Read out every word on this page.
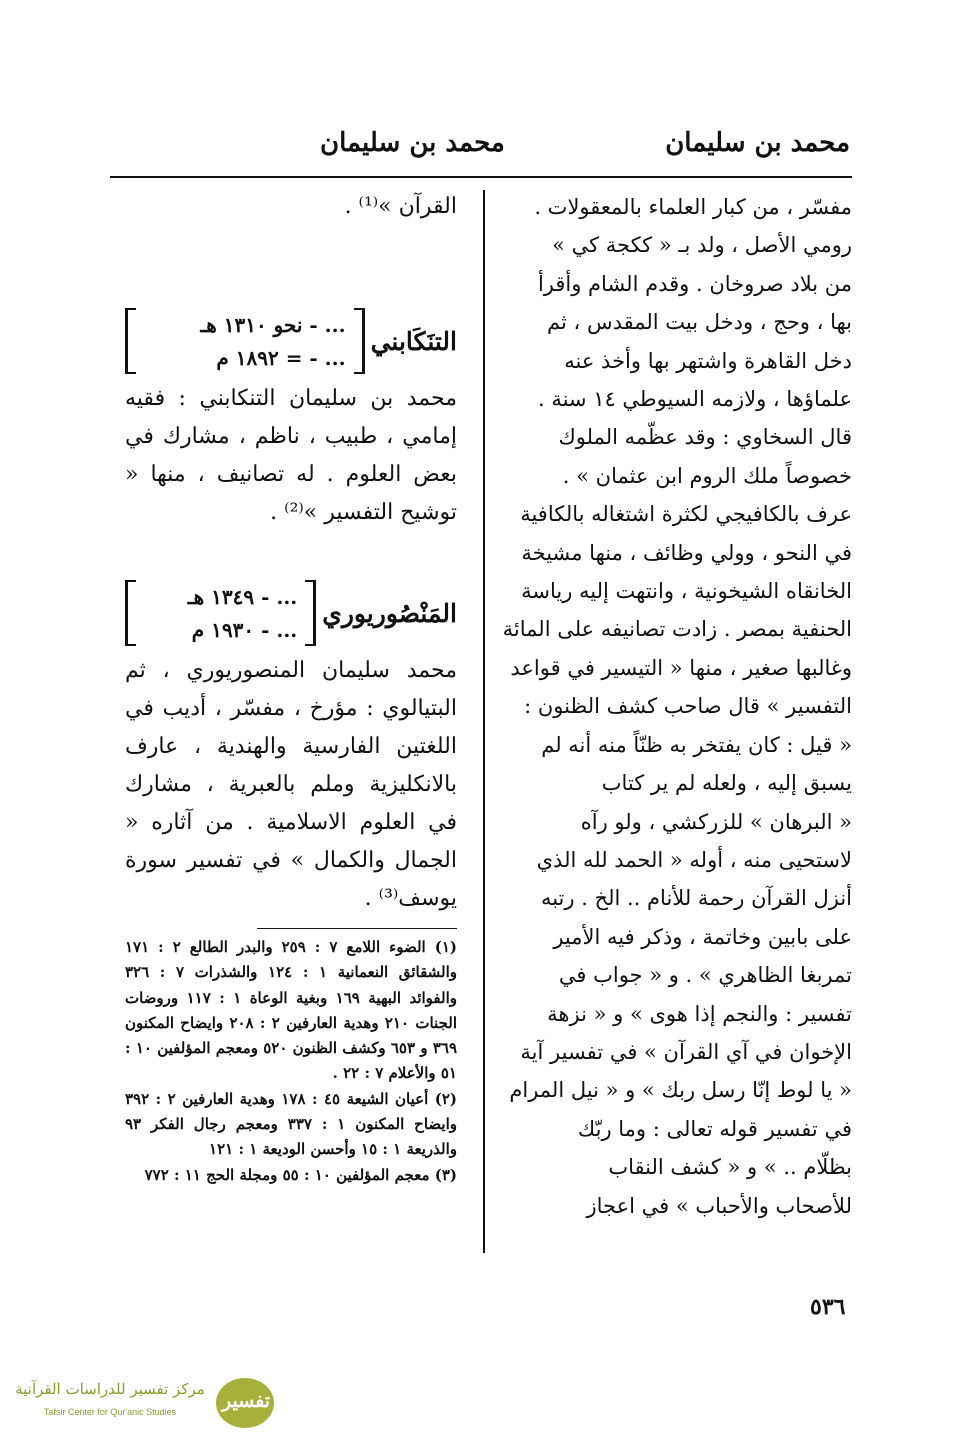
محمد بن سليمان
محمد بن سليمان

مفسّر ، من كبار العلماء بالمعقولات .

رومي الأصل ، ولد بـ « ككجة كي »

من بلاد صروخان . وقدم الشام وأقرأ

بها ، وحج ، ودخل بيت المقدس ، ثم

دخل القاهرة واشتهر بها وأخذ عنه

علماؤها ، ولازمه السيوطي ١٤ سنة .

قال السخاوي : وقد عظّمه الملوك

خصوصاً ملك الروم ابن عثمان » .

عرف بالكافيجي لكثرة اشتغاله بالكافية

في النحو ، وولي وظائف ، منها مشيخة

الخانقاه الشيخونية ، وانتهت إليه رياسة

الحنفية بمصر . زادت تصانيفه على المائة

وغالبها صغير ، منها « التيسير في قواعد

التفسير » قال صاحب كشف الظنون :

« قيل : كان يفتخر به ظنّاً منه أنه لم

يسبق إليه ، ولعله لم ير كتاب

« البرهان » للزركشي ، ولو رآه

لاستحيى منه ، أوله « الحمد لله الذي

أنزل القرآن رحمة للأنام .. الخ . رتبه

على بابين وخاتمة ، وذكر فيه الأمير

تمربغا الظاهري » . و « جواب في

تفسير : والنجم إذا هوى » و « نزهة

الإخوان في آي القرآن » في تفسير آية

« يا لوط إنّا رسل ربك » و « نيل المرام

في تفسير قوله تعالى : وما ربّك

بظلّام .. » و « كشف النقاب

للأصحاب والأحباب » في اعجاز

القرآن »⁽¹⁾ .

التنَكَابني
... - نحو ١٣١٠ هـ
... - = ١٨٩٢ م

محمد بن سليمان التنكابني : فقيه إمامي ، طبيب ، ناظم ، مشارك في بعض العلوم . له تصانيف ، منها « توشيح التفسير »⁽²⁾ .

المَنْصُوريوري
... - ١٣٤٩ هـ
... - ١٩٣٠ م

محمد سليمان المنصوريوري ، ثم البتيالوي : مؤرخ ، مفسّر ، أديب في اللغتين الفارسية والهندية ، عارف بالانكليزية وملم بالعبرية ، مشارك في العلوم الاسلامية . من آثاره « الجمال والكمال » في تفسير سورة يوسف⁽³⁾ .

(١) الضوء اللامع ٧ : ٢٥٩ والبدر الطالع ٢ : ١٧١ والشقائق النعمانية ١ : ١٢٤ والشذرات ٧ : ٣٢٦ والفوائد البهية ١٦٩ وبغية الوعاة ١ : ١١٧ وروضات الجنات ٢١٠ وهدية العارفين ٢ : ٢٠٨ وايضاح المكنون ٣٦٩ و ٦٥٣ وكشف الظنون ٥٢٠ ومعجم المؤلفين ١٠ : ٥١ والأعلام ٧ : ٢٢ .

(٢) أعيان الشيعة ٤٥ : ١٧٨ وهدية العارفين ٢ : ٣٩٢ وايضاح المكنون ١ : ٣٣٧ ومعجم رجال الفكر ٩٣ والذريعة ١ : ١٥ وأحسن الوديعة ١ : ١٢١

(٣) معجم المؤلفين ١٠ : ٥٥ ومجلة الحج ١١ : ٧٧٢

٥٣٦
تفسير
مركز تفسير للدراسات القرآنية
Tafsir Center for Qur'anic Studies
